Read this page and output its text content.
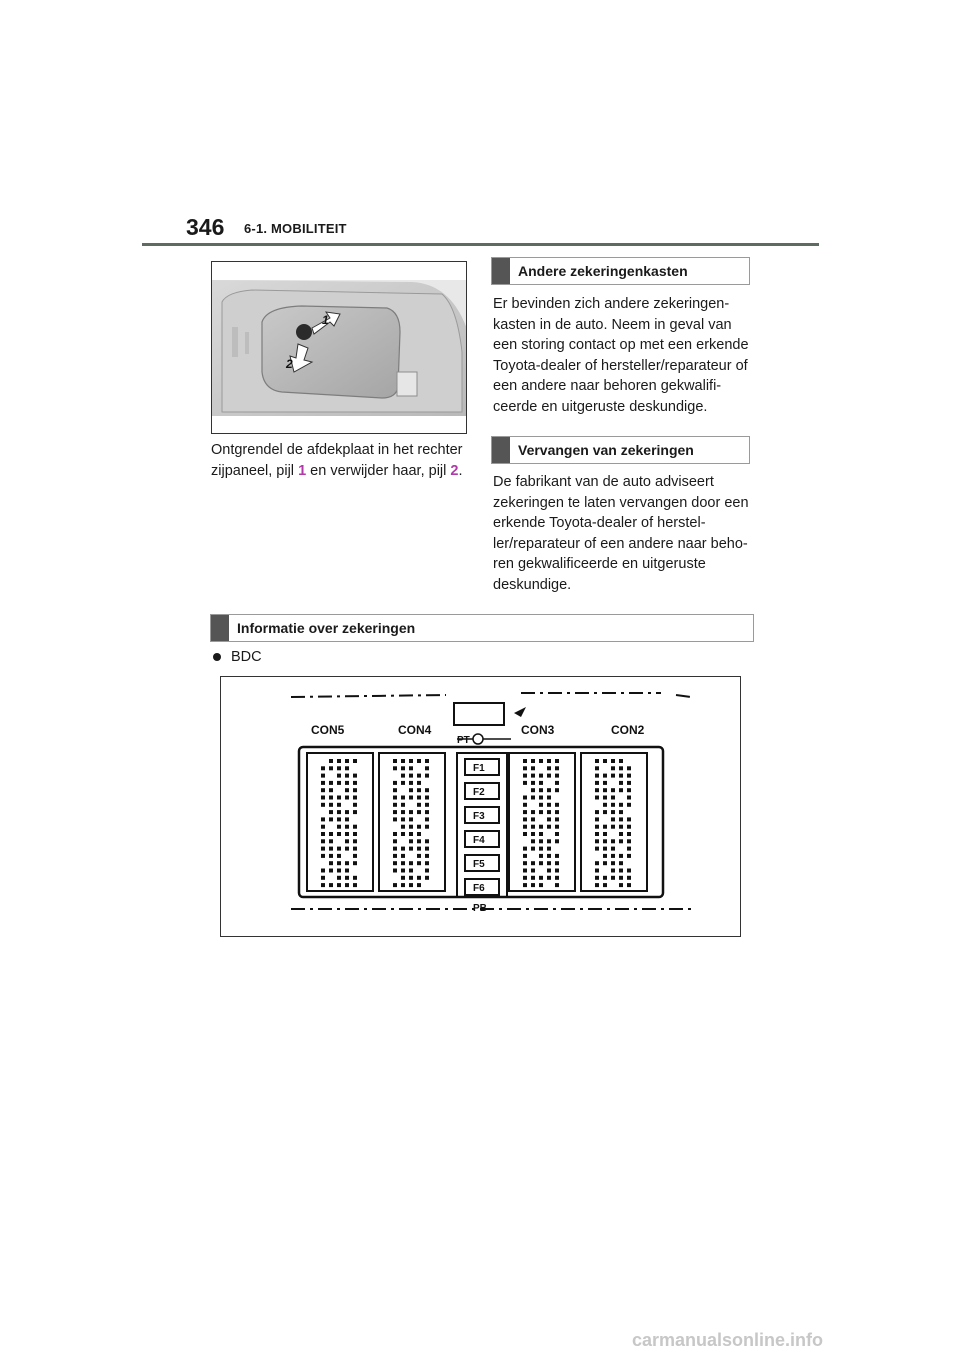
346 6-1. MOBILITEIT
1
2
Ontgrendel de afdekplaat in het rechter
zijpaneel, pijl 1 en verwijder haar, pijl 2.
Andere zekeringenkasten
Er bevinden zich andere zekeringen-
kasten in de auto. Neem in geval van
een storing contact op met een erkende
Toyota-dealer of hersteller/reparateur of
een andere naar behoren gekwalifi-
ceerde en uitgeruste deskundige.
Vervangen van zekeringen
De fabrikant van de auto adviseert
zekeringen te laten vervangen door een
erkende Toyota-dealer of herstel-
ler/reparateur of een andere naar beho-
ren gekwalificeerde en uitgeruste
deskundige.
Informatie over zekeringen
BDC
CON5	CON4	CON3	CON2
PT
PB
F1
F2
F3
F4
F5
F6
carmanualsonline.info
